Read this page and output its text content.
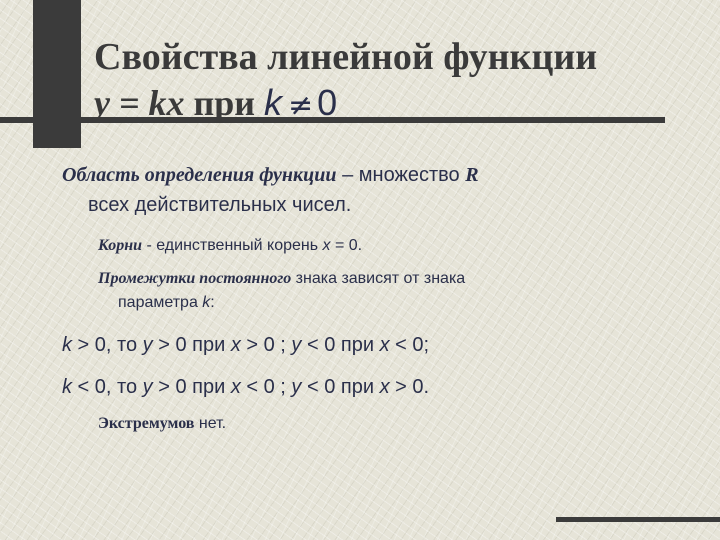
Свойства линейной функции
y = kx при k ≠ 0

Область определения функции – множество R
всех действительных чисел.

Корни - единственный корень x = 0.

Промежутки постоянного знака зависят от знака
параметра k:

k > 0, то y > 0 при x > 0 ; y < 0 при x < 0;

k < 0, то y > 0 при x < 0 ; y < 0 при x > 0.

Экстремумов нет.
